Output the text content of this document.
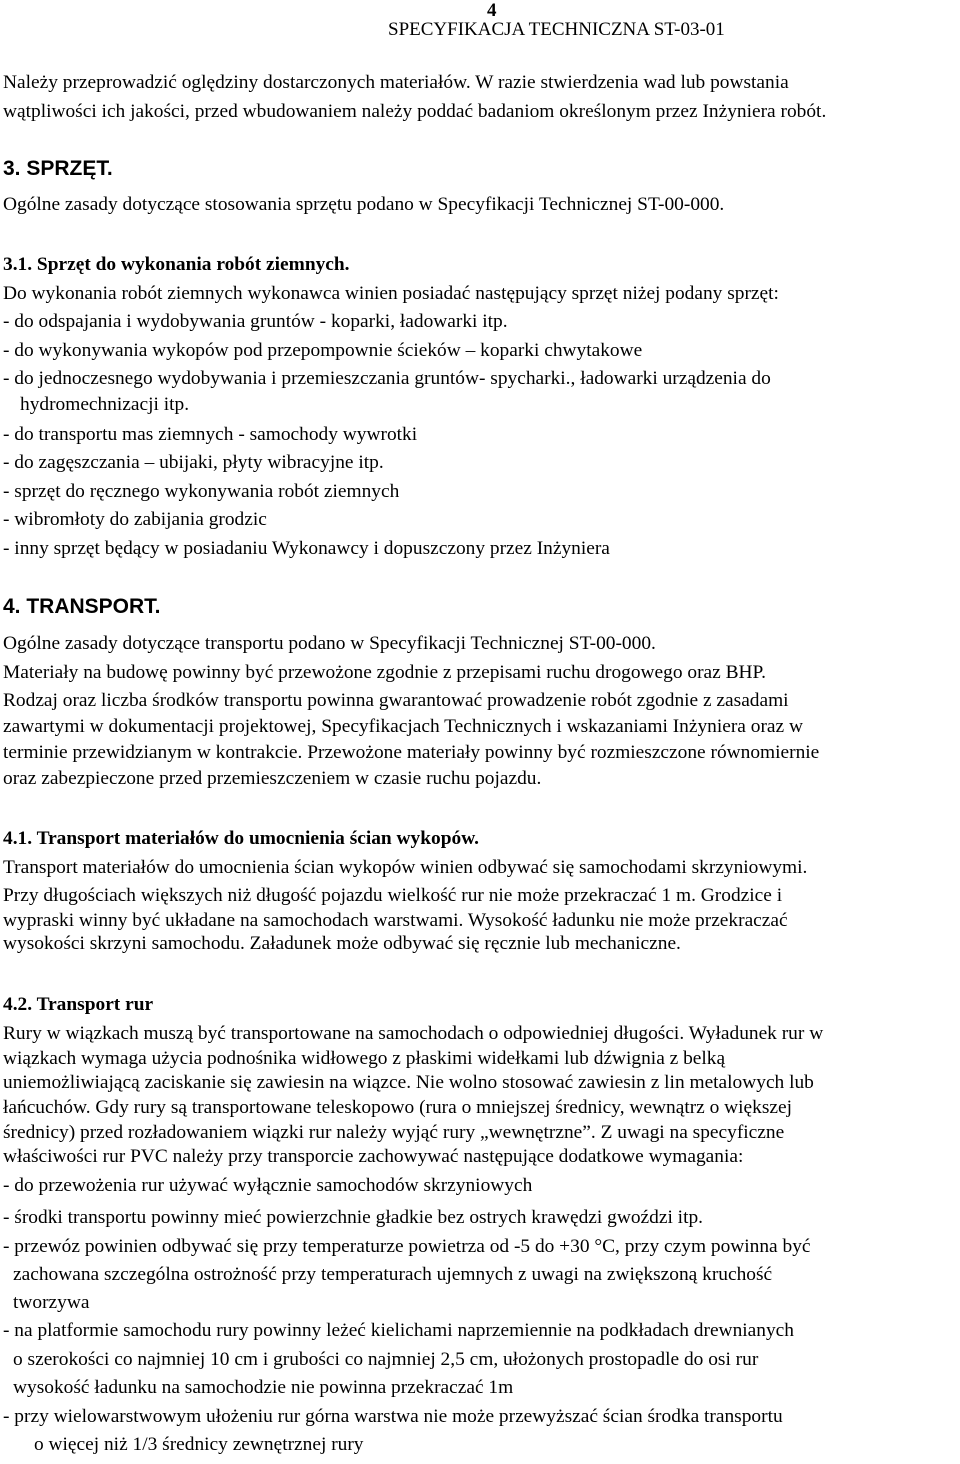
4
SPECYFIKACJA TECHNICZNA ST-03-01
Należy przeprowadzić oględziny dostarczonych materiałów. W razie stwierdzenia wad lub powstania
wątpliwości ich jakości, przed wbudowaniem należy poddać badaniom określonym przez Inżyniera robót.
3. SPRZĘT.
Ogólne zasady dotyczące stosowania sprzętu podano w Specyfikacji Technicznej ST-00-000.
3.1. Sprzęt do wykonania robót ziemnych.
Do wykonania robót ziemnych wykonawca winien posiadać następujący sprzęt niżej podany sprzęt:
- do odspajania i wydobywania gruntów - koparki, ładowarki itp.
- do wykonywania wykopów pod przepompownie ścieków – koparki chwytakowe
- do jednoczesnego wydobywania i przemieszczania gruntów- spycharki., ładowarki urządzenia do
hydromechnizacji itp.
- do transportu mas ziemnych - samochody wywrotki
- do zagęszczania – ubijaki, płyty wibracyjne itp.
- sprzęt do ręcznego wykonywania robót ziemnych
- wibromłoty do zabijania grodzic
- inny sprzęt będący w posiadaniu Wykonawcy i dopuszczony przez Inżyniera
4. TRANSPORT.
Ogólne zasady dotyczące transportu podano w Specyfikacji Technicznej ST-00-000.
Materiały na budowę powinny być przewożone zgodnie z przepisami ruchu drogowego oraz BHP.
Rodzaj oraz liczba środków transportu powinna gwarantować prowadzenie robót zgodnie z zasadami
zawartymi w dokumentacji projektowej, Specyfikacjach Technicznych i wskazaniami Inżyniera oraz w
terminie przewidzianym w kontrakcie. Przewożone materiały powinny być rozmieszczone równomiernie
oraz zabezpieczone przed przemieszczeniem w czasie ruchu pojazdu.
4.1. Transport materiałów do umocnienia ścian wykopów.
Transport materiałów do umocnienia ścian wykopów winien odbywać się samochodami skrzyniowymi.
Przy długościach większych niż długość pojazdu wielkość rur nie może przekraczać 1 m. Grodzice i
wypraski winny być układane na samochodach warstwami. Wysokość ładunku nie może przekraczać
wysokości skrzyni samochodu. Załadunek może odbywać się ręcznie lub mechaniczne.
4.2. Transport rur
Rury w wiązkach muszą być transportowane na samochodach o odpowiedniej długości. Wyładunek rur w
wiązkach wymaga użycia podnośnika widłowego z płaskimi widełkami lub dźwignia z belką
uniemożliwiającą zaciskanie się zawiesin na wiązce. Nie wolno stosować zawiesin z lin metalowych lub
łańcuchów. Gdy rury są transportowane teleskopowo (rura o mniejszej średnicy, wewnątrz o większej
średnicy) przed rozładowaniem wiązki rur należy wyjąć rury „wewnętrzne”. Z uwagi na specyficzne
właściwości rur PVC należy przy transporcie zachowywać następujące dodatkowe wymagania:
- do przewożenia rur używać wyłącznie samochodów skrzyniowych
- środki transportu powinny mieć powierzchnie gładkie bez ostrych krawędzi gwoździ itp.
- przewóz powinien odbywać się przy temperaturze powietrza od -5 do +30 °C, przy czym powinna być
zachowana szczególna ostrożność przy temperaturach ujemnych z uwagi na zwiększoną kruchość
tworzywa
- na platformie samochodu rury powinny leżeć kielichami naprzemiennie na podkładach drewnianych
o szerokości co najmniej 10 cm i grubości co najmniej 2,5 cm, ułożonych prostopadle do osi rur
wysokość ładunku na samochodzie nie powinna przekraczać 1m
- przy wielowarstwowym ułożeniu rur górna warstwa nie może przewyższać ścian środka transportu
o więcej niż 1/3 średnicy zewnętrznej rury
